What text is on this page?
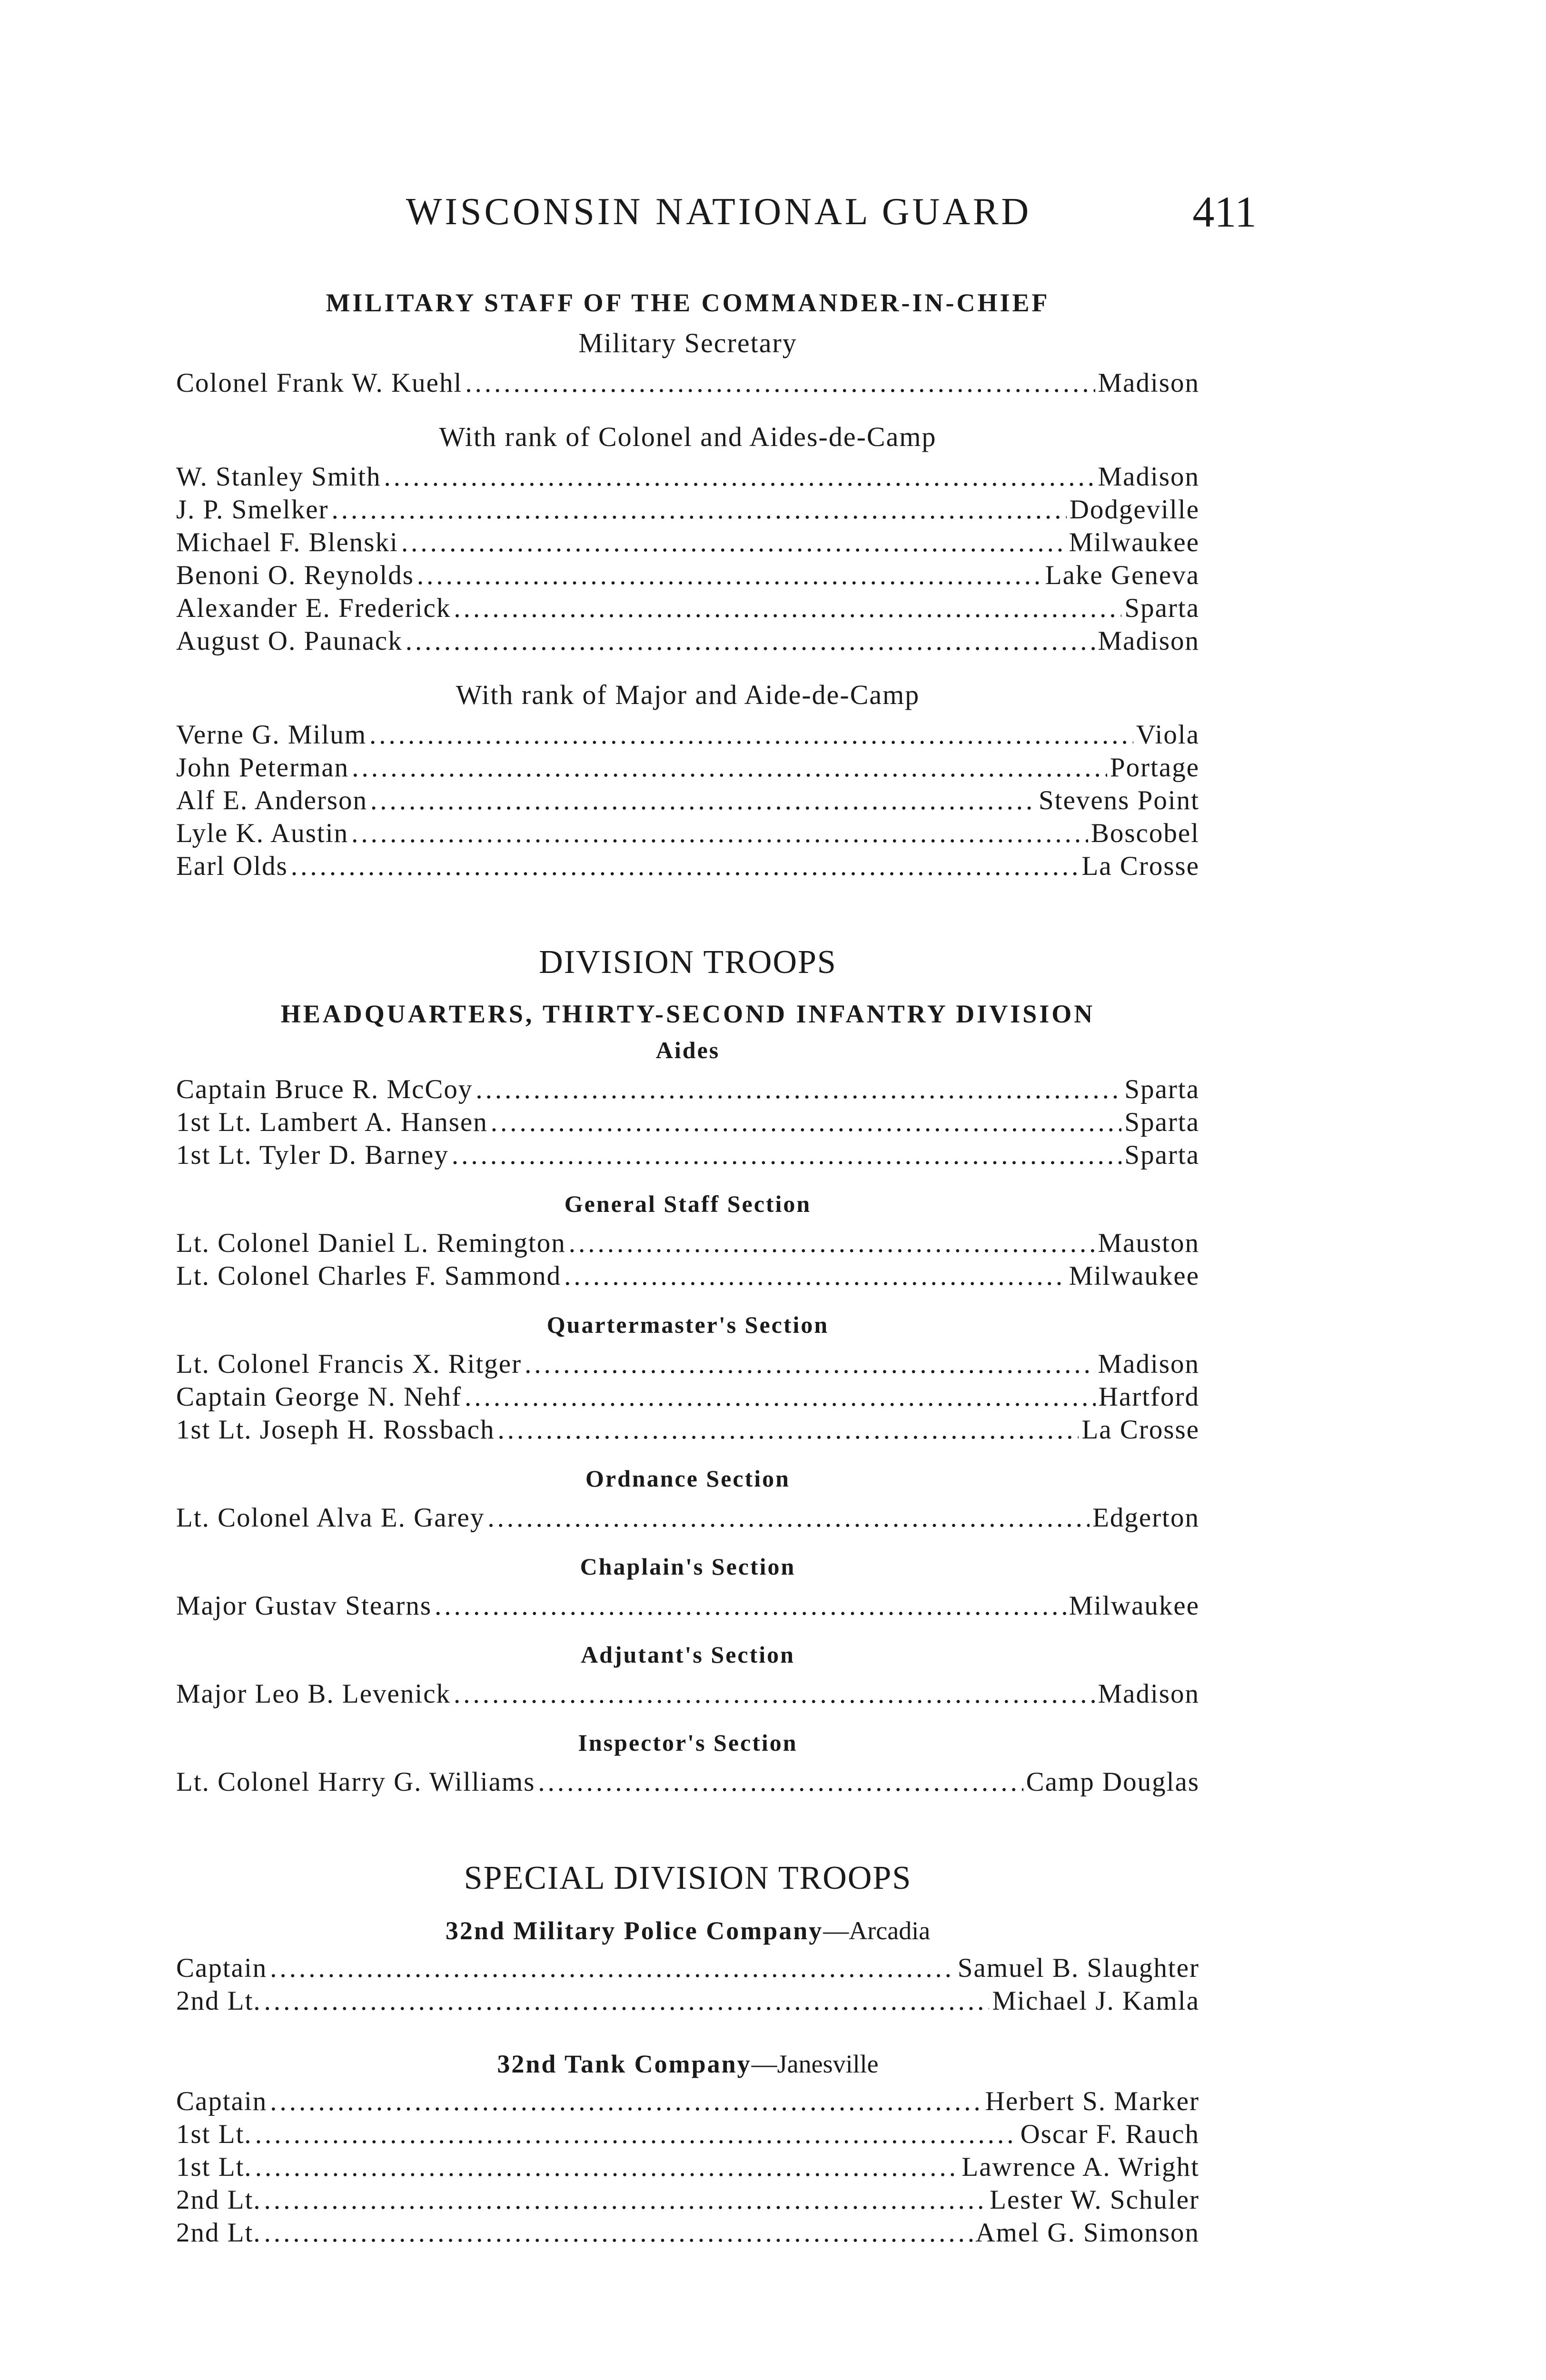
WISCONSIN NATIONAL GUARD	411
MILITARY STAFF OF THE COMMANDER-IN-CHIEF
Military Secretary
Colonel Frank W. Kuehl .....	Madison
With rank of Colonel and Aides-de-Camp
W. Stanley Smith .....	Madison
J. P. Smelker .....	Dodgeville
Michael F. Blenski .....	Milwaukee
Benoni O. Reynolds .....	Lake Geneva
Alexander E. Frederick .....	Sparta
August O. Paunack .....	Madison
With rank of Major and Aide-de-Camp
Verne G. Milum .....	Viola
John Peterman .....	Portage
Alf E. Anderson .....	Stevens Point
Lyle K. Austin .....	Boscobel
Earl Olds .....	La Crosse
DIVISION TROOPS
HEADQUARTERS, THIRTY-SECOND INFANTRY DIVISION
Aides
Captain Bruce R. McCoy .....	Sparta
1st Lt. Lambert A. Hansen .....	Sparta
1st Lt. Tyler D. Barney .....	Sparta
General Staff Section
Lt. Colonel Daniel L. Remington .....	Mauston
Lt. Colonel Charles F. Sammond .....	Milwaukee
Quartermaster's Section
Lt. Colonel Francis X. Ritger .....	Madison
Captain George N. Nehf .....	Hartford
1st Lt. Joseph H. Rossbach .....	La Crosse
Ordnance Section
Lt. Colonel Alva E. Garey .....	Edgerton
Chaplain's Section
Major Gustav Stearns .....	Milwaukee
Adjutant's Section
Major Leo B. Levenick .....	Madison
Inspector's Section
Lt. Colonel Harry G. Williams .....	Camp Douglas
SPECIAL DIVISION TROOPS
32nd Military Police Company—Arcadia
Captain .....	Samuel B. Slaughter
2nd Lt. .....	Michael J. Kamla
32nd Tank Company—Janesville
Captain .....	Herbert S. Marker
1st Lt. .....	Oscar F. Rauch
1st Lt. .....	Lawrence A. Wright
2nd Lt. .....	Lester W. Schuler
2nd Lt. .....	Amel G. Simonson
